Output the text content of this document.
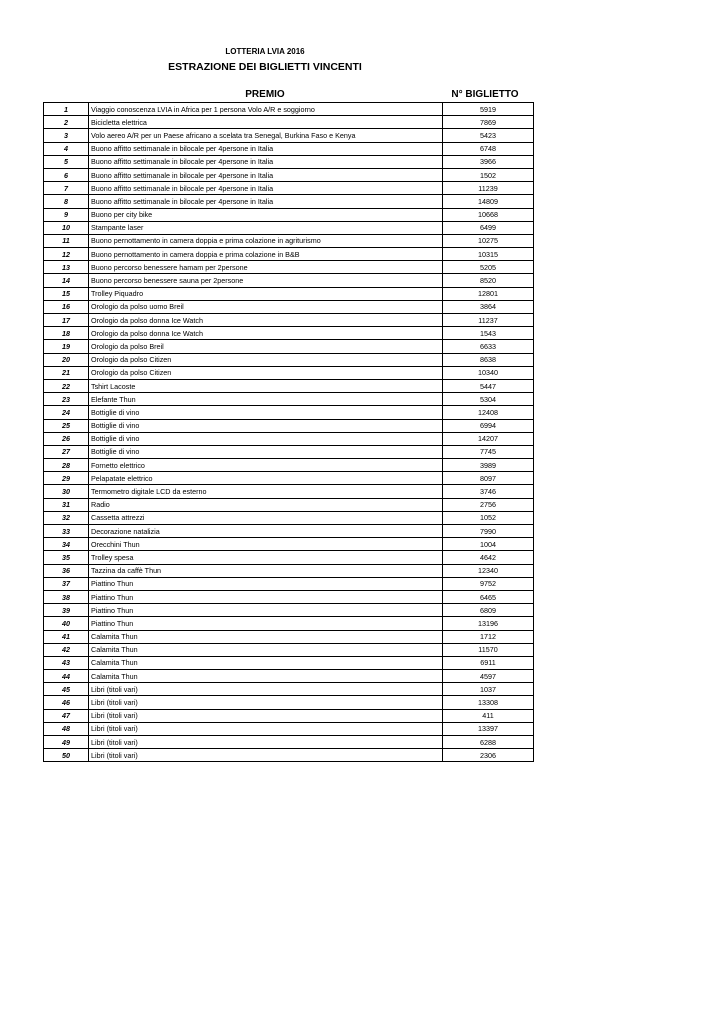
LOTTERIA LVIA 2016
ESTRAZIONE DEI BIGLIETTI VINCENTI
PREMIO	N° BIGLIETTO
1	Viaggio conoscenza LVIA in Africa per 1 persona Volo A/R e soggiorno	5919
2	Bicicletta elettrica	7869
3	Volo aereo A/R per un Paese africano a scelata tra Senegal, Burkina Faso e Kenya	5423
4	Buono affitto settimanale in bilocale per 4persone in Italia	6748
5	Buono affitto settimanale in bilocale per 4persone in Italia	3966
6	Buono affitto settimanale in bilocale per 4persone in Italia	1502
7	Buono affitto settimanale in bilocale per 4persone in Italia	11239
8	Buono affitto settimanale in bilocale per 4persone in Italia	14809
9	Buono per city bike	10668
10	Stampante laser	6499
11	Buono pernottamento in camera doppia e prima colazione in agriturismo	10275
12	Buono pernottamento in camera doppia e prima colazione in B&B	10315
13	Buono percorso benessere hamam per 2persone	5205
14	Buono percorso benessere sauna per 2persone	8520
15	Trolley Piquadro	12801
16	Orologio da polso uomo Breil	3864
17	Orologio da polso donna Ice Watch	11237
18	Orologio da polso donna Ice Watch	1543
19	Orologio da polso Breil	6633
20	Orologio da polso Citizen	8638
21	Orologio da polso Citizen	10340
22	Tshirt Lacoste	5447
23	Elefante Thun	5304
24	Bottiglie di vino	12408
25	Bottiglie di vino	6994
26	Bottiglie di vino	14207
27	Bottiglie di vino	7745
28	Fornetto elettrico	3989
29	Pelapatate elettrico	8097
30	Termometro digitale LCD da esterno	3746
31	Radio	2756
32	Cassetta attrezzi	1052
33	Decorazione natalizia	7990
34	Orecchini Thun	1004
35	Trolley spesa	4642
36	Tazzina da caffè Thun	12340
37	Piattino Thun	9752
38	Piattino Thun	6465
39	Piattino Thun	6809
40	Piattino Thun	13196
41	Calamita Thun	1712
42	Calamita Thun	11570
43	Calamita Thun	6911
44	Calamita Thun	4597
45	Libri (titoli vari)	1037
46	Libri (titoli vari)	13308
47	Libri (titoli vari)	411
48	Libri (titoli vari)	13397
49	Libri (titoli vari)	6288
50	Libri (titoli vari)	2306
